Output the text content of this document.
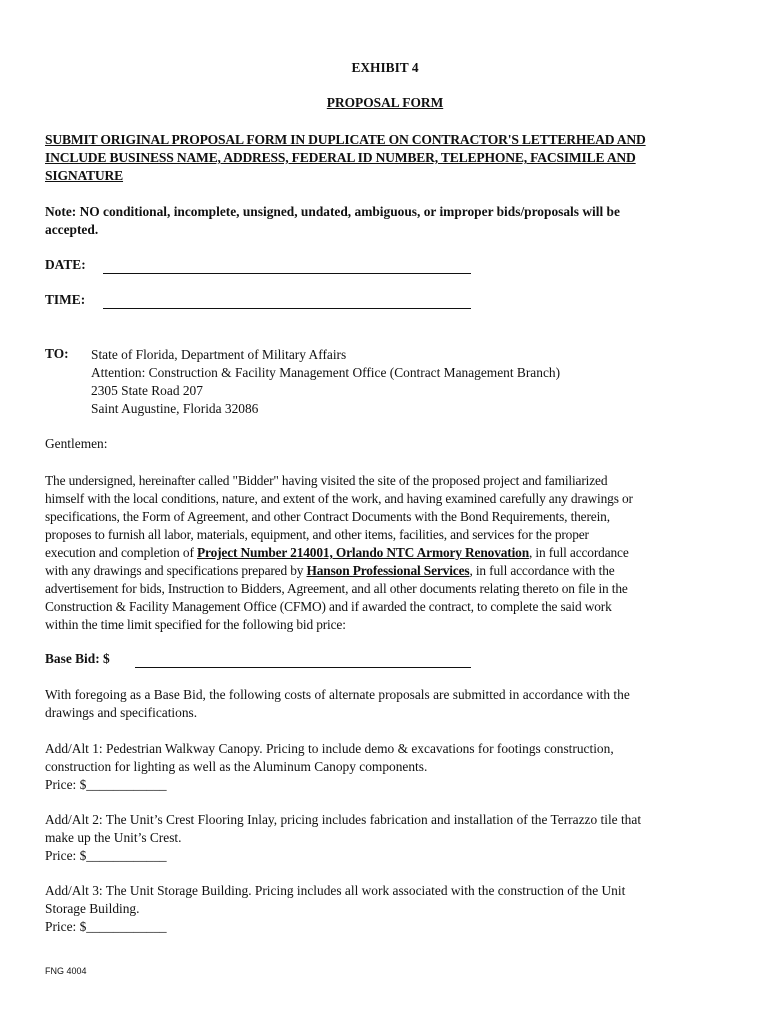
EXHIBIT 4
PROPOSAL FORM

SUBMIT ORIGINAL PROPOSAL FORM IN DUPLICATE ON CONTRACTOR'S LETTERHEAD AND

INCLUDE BUSINESS NAME, ADDRESS, FEDERAL ID NUMBER, TELEPHONE, FACSIMILE AND

SIGNATURE

Note: NO conditional, incomplete, unsigned, undated, ambiguous, or improper bids/proposals will be

accepted.

DATE:
TIME:
TO: State of Florida, Department of Military Affairs

Attention: Construction & Facility Management Office (Contract Management Branch)

2305 State Road 207

Saint Augustine, Florida 32086

Gentlemen:

The undersigned, hereinafter called "Bidder" having visited the site of the proposed project and familiarized

himself with the local conditions, nature, and extent of the work, and having examined carefully any drawings or

specifications, the Form of Agreement, and other Contract Documents with the Bond Requirements, therein,

proposes to furnish all labor, materials, equipment, and other items, facilities, and services for the proper

execution and completion of Project Number 214001, Orlando NTC Armory Renovation, in full accordance

with any drawings and specifications prepared by Hanson Professional Services, in full accordance with the

advertisement for bids, Instruction to Bidders, Agreement, and all other documents relating thereto on file in the

Construction & Facility Management Office (CFMO) and if awarded the contract, to complete the said work

within the time limit specified for the following bid price:

Base Bid: $

With foregoing as a Base Bid, the following costs of alternate proposals are submitted in accordance with the

drawings and specifications.

Add/Alt 1: Pedestrian Walkway Canopy. Pricing to include demo & excavations for footings construction,

construction for lighting as well as the Aluminum Canopy components.

Price: $____________

Add/Alt 2: The Unit’s Crest Flooring Inlay, pricing includes fabrication and installation of the Terrazzo tile that

make up the Unit’s Crest.

Price: $____________

Add/Alt 3: The Unit Storage Building. Pricing includes all work associated with the construction of the Unit

Storage Building.

Price: $____________

FNG 4004
